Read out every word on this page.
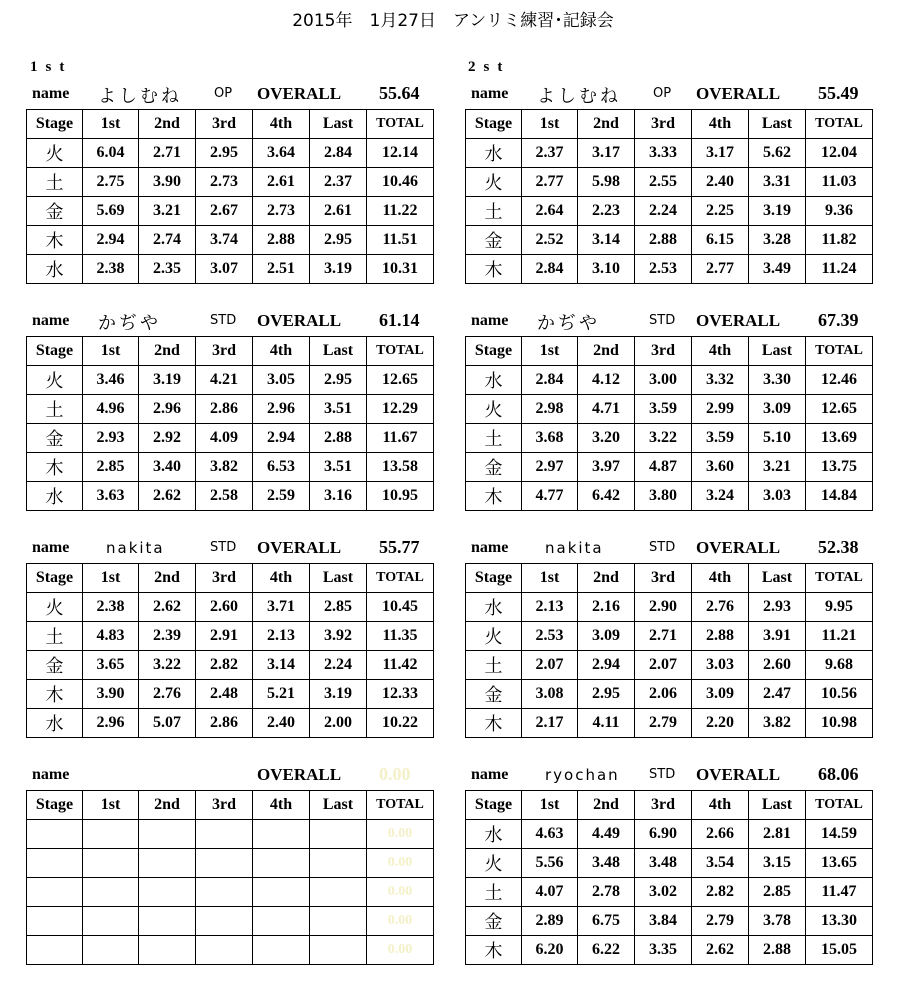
2015年　1月27日　アンリミ練習･記録会
1st	2st
name よしむね OP OVERALL 55.64
Stage	1st	2nd	3rd	4th	Last	TOTAL
火	6.04	2.71	2.95	3.64	2.84	12.14
土	2.75	3.90	2.73	2.61	2.37	10.46
金	5.69	3.21	2.67	2.73	2.61	11.22
木	2.94	2.74	3.74	2.88	2.95	11.51
水	2.38	2.35	3.07	2.51	3.19	10.31
name よしむね OP OVERALL 55.49
Stage	1st	2nd	3rd	4th	Last	TOTAL
水	2.37	3.17	3.33	3.17	5.62	12.04
火	2.77	5.98	2.55	2.40	3.31	11.03
土	2.64	2.23	2.24	2.25	3.19	9.36
金	2.52	3.14	2.88	6.15	3.28	11.82
木	2.84	3.10	2.53	2.77	3.49	11.24
name かぢや	STD OVERALL 61.14
Stage	1st	2nd	3rd	4th	Last	TOTAL
火	3.46	3.19	4.21	3.05	2.95	12.65
土	4.96	2.96	2.86	2.96	3.51	12.29
金	2.93	2.92	4.09	2.94	2.88	11.67
木	2.85	3.40	3.82	6.53	3.51	13.58
水	3.63	2.62	2.58	2.59	3.16	10.95
name かぢや	STD OVERALL 67.39
Stage	1st	2nd	3rd	4th	Last	TOTAL
水	2.84	4.12	3.00	3.32	3.30	12.46
火	2.98	4.71	3.59	2.99	3.09	12.65
土	3.68	3.20	3.22	3.59	5.10	13.69
金	2.97	3.97	4.87	3.60	3.21	13.75
木	4.77	6.42	3.80	3.24	3.03	14.84
name nakita	STD OVERALL 55.77
Stage	1st	2nd	3rd	4th	Last	TOTAL
火	2.38	2.62	2.60	3.71	2.85	10.45
土	4.83	2.39	2.91	2.13	3.92	11.35
金	3.65	3.22	2.82	3.14	2.24	11.42
木	3.90	2.76	2.48	5.21	3.19	12.33
水	2.96	5.07	2.86	2.40	2.00	10.22
name nakita	STD OVERALL 52.38
Stage	1st	2nd	3rd	4th	Last	TOTAL
水	2.13	2.16	2.90	2.76	2.93	9.95
火	2.53	3.09	2.71	2.88	3.91	11.21
土	2.07	2.94	2.07	3.03	2.60	9.68
金	3.08	2.95	2.06	3.09	2.47	10.56
木	2.17	4.11	2.79	2.20	3.82	10.98
name	OVERALL 0.00
Stage	1st	2nd	3rd	4th	Last	TOTAL
						0.00
						0.00
						0.00
						0.00
						0.00
name ryochan STD OVERALL 68.06
Stage	1st	2nd	3rd	4th	Last	TOTAL
水	4.63	4.49	6.90	2.66	2.81	14.59
火	5.56	3.48	3.48	3.54	3.15	13.65
土	4.07	2.78	3.02	2.82	2.85	11.47
金	2.89	6.75	3.84	2.79	3.78	13.30
木	6.20	6.22	3.35	2.62	2.88	15.05
